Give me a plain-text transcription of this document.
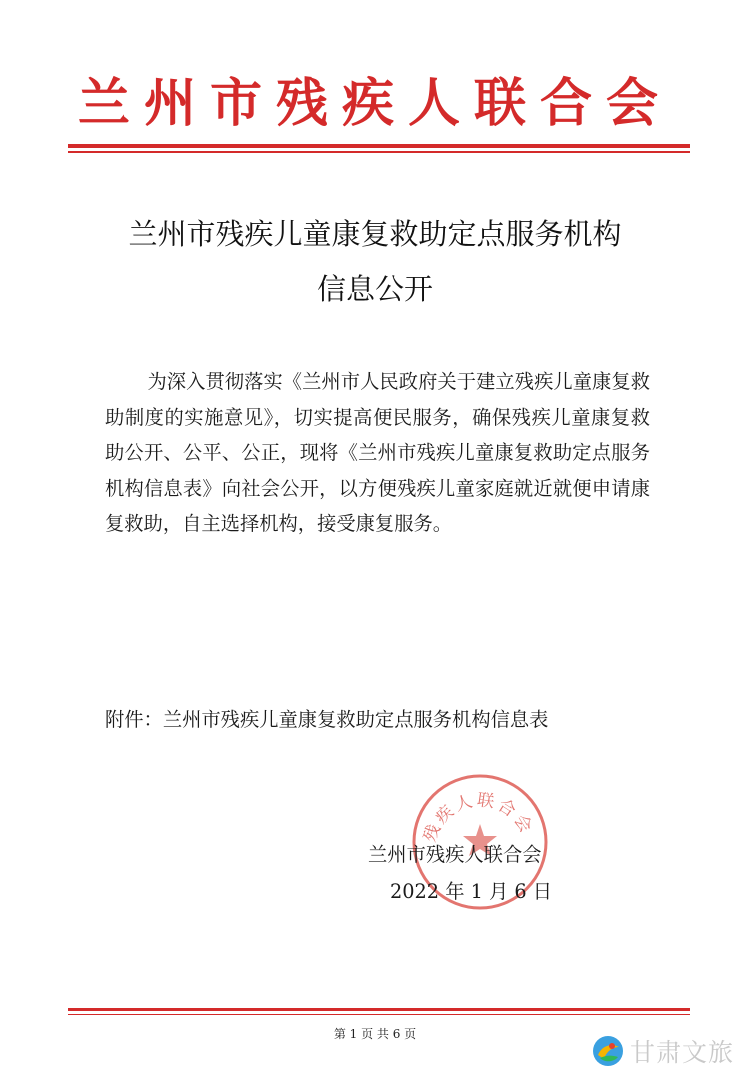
兰州市残疾人联合会
兰州市残疾儿童康复救助定点服务机构
信息公开

为深入贯彻落实《兰州市人民政府关于建立残疾儿童康复救助制度的实施意见》，切实提高便民服务，确保残疾儿童康复救助公开、公平、公正，现将《兰州市残疾儿童康复救助定点服务机构信息表》向社会公开，以方便残疾儿童家庭就近就便申请康复救助，自主选择机构，接受康复服务。

附件：兰州市残疾儿童康复救助定点服务机构信息表
残疾人联合会
兰州市残疾人联合会
2022 年 1 月 6 日
第 1 页 共 6 页
甘肃文旅
